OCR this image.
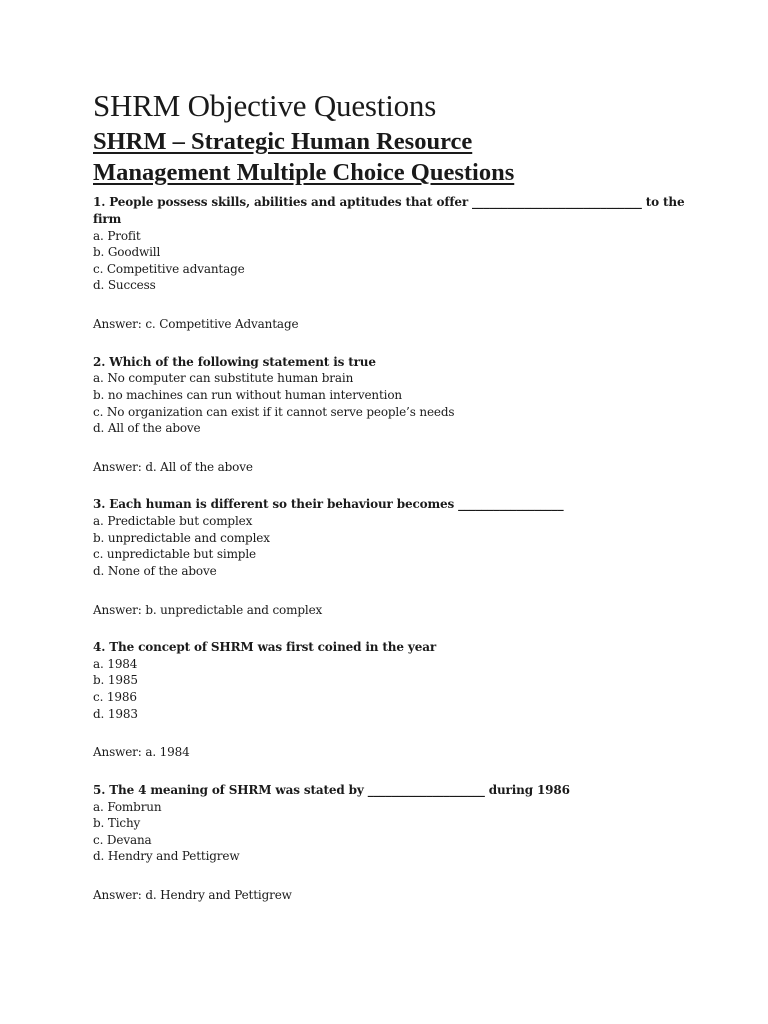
SHRM Objective Questions
SHRM – Strategic Human Resource
Management Multiple Choice Questions

1. People possess skills, abilities and aptitudes that offer _____________________________ to the firm

a. Profit

b. Goodwill

c. Competitive advantage

d. Success

Answer: c. Competitive Advantage

2. Which of the following statement is true

a. No computer can substitute human brain

b. no machines can run without human intervention

c. No organization can exist if it cannot serve people’s needs

d. All of the above

Answer: d. All of the above

3. Each human is different so their behaviour becomes __________________

a. Predictable but complex

b. unpredictable and complex

c. unpredictable but simple

d. None of the above

Answer: b. unpredictable and complex

4. The concept of SHRM was first coined in the year

a. 1984

b. 1985

c. 1986

d. 1983

Answer: a. 1984

5. The 4 meaning of SHRM was stated by ____________________ during 1986

a. Fombrun

b. Tichy

c. Devana

d. Hendry and Pettigrew

Answer: d. Hendry and Pettigrew
